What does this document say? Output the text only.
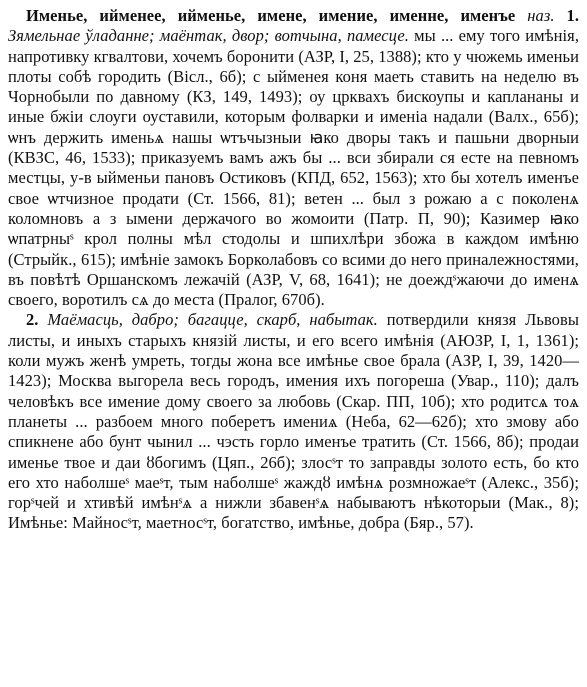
Именье, ийменее, ийменье, имене, имение, именне, именъе наз. 1. Зямельнае ўладанне; маёнтак, двор; вотчына, памесце. мы ... ему того имѣнія, напротивку кгвалтови, хочемъ боронити (АЗР, I, 25, 1388); кто у чюжемь именьи плоты собѣ городить (Вісл., 6б); с ыйменея коня маеть ставить на неделю въ Чорнобыли по давному (КЗ, 149, 1493); оу цркваxъ бискоупы и каплананы и иные бжіи слоуги оуставили, которым фолварки и именіа надали (Валх., 65б); ѡнъ держить именьѧ нашы ѡтъчызныи ꙗко дворы такъ и пашьни дворныи (КВЗС, 46, 1533); приказуемъ вамъ ажъ бы ... вси збирали ся есте на певномъ местцы, у-в ыйменьи пановъ Остиковъ (КПД, 652, 1563); хто бы хотелъ именъе свое ѡтчизное продати (Ст. 1566, 81); ветен ... был з рожаю а с поколенѧ коломновъ а з ымени держачого во жомоити (Патр. П, 90); Казимер ꙗко ѡпатрныˢ крол полны мѣл стодолы и шпихлѣри збожа в каждом имѣню (Стрыйк., 615); имѣніе замокъ Борколабовъ со всими до него приналежностями, въ повѣтѣ Оршанскомъ лежачій (АЗР, V, 68, 1641); не доеждˢжаючи до именѧ своего, воротилъ сѧ до места (Пралог, 670б).

2. Маёмасць, дабро; багацце, скарб, набытак. потвердили князя Львовы листы, и иныхъ старыхъ князій листы, и его всего имѣнія (АЮЗР, I, 1, 1361); коли мужъ женѣ умреть, тогды жона все имѣнье свое брала (АЗР, I, 39, 1420—1423); Москва выгорела весь городъ, имения ихъ погореша (Увар., 110); далъ человѣкъ все имение дому своего за любовь (Скар. ПП, 10б); хто родитсѧ тоѧ планеты ... разбоем много поберетъ имениѧ (Неба, 62—62б); хто змову або спикнене або бунт чынил ... чэсть горло именъе тратить (Ст. 1566, 8б); продаи именье твое и даи ȣбогимъ (Цяп., 26б); злосˢт то заправды золото есть, бо кто его хто наболшеˢ маеˢт, тым наболшеˢ жаждȣ имѣнѧ розмножаеˢт (Алекс., 35б); горˢчей и хтивѣй имѣнˢѧ а нижли збавенˢѧ набываютъ нѣкоторыи (Мак., 8); Имѣнье: Майносˢт, маетносˢт, богатство, имѣнье, добра (Бяр., 57).
